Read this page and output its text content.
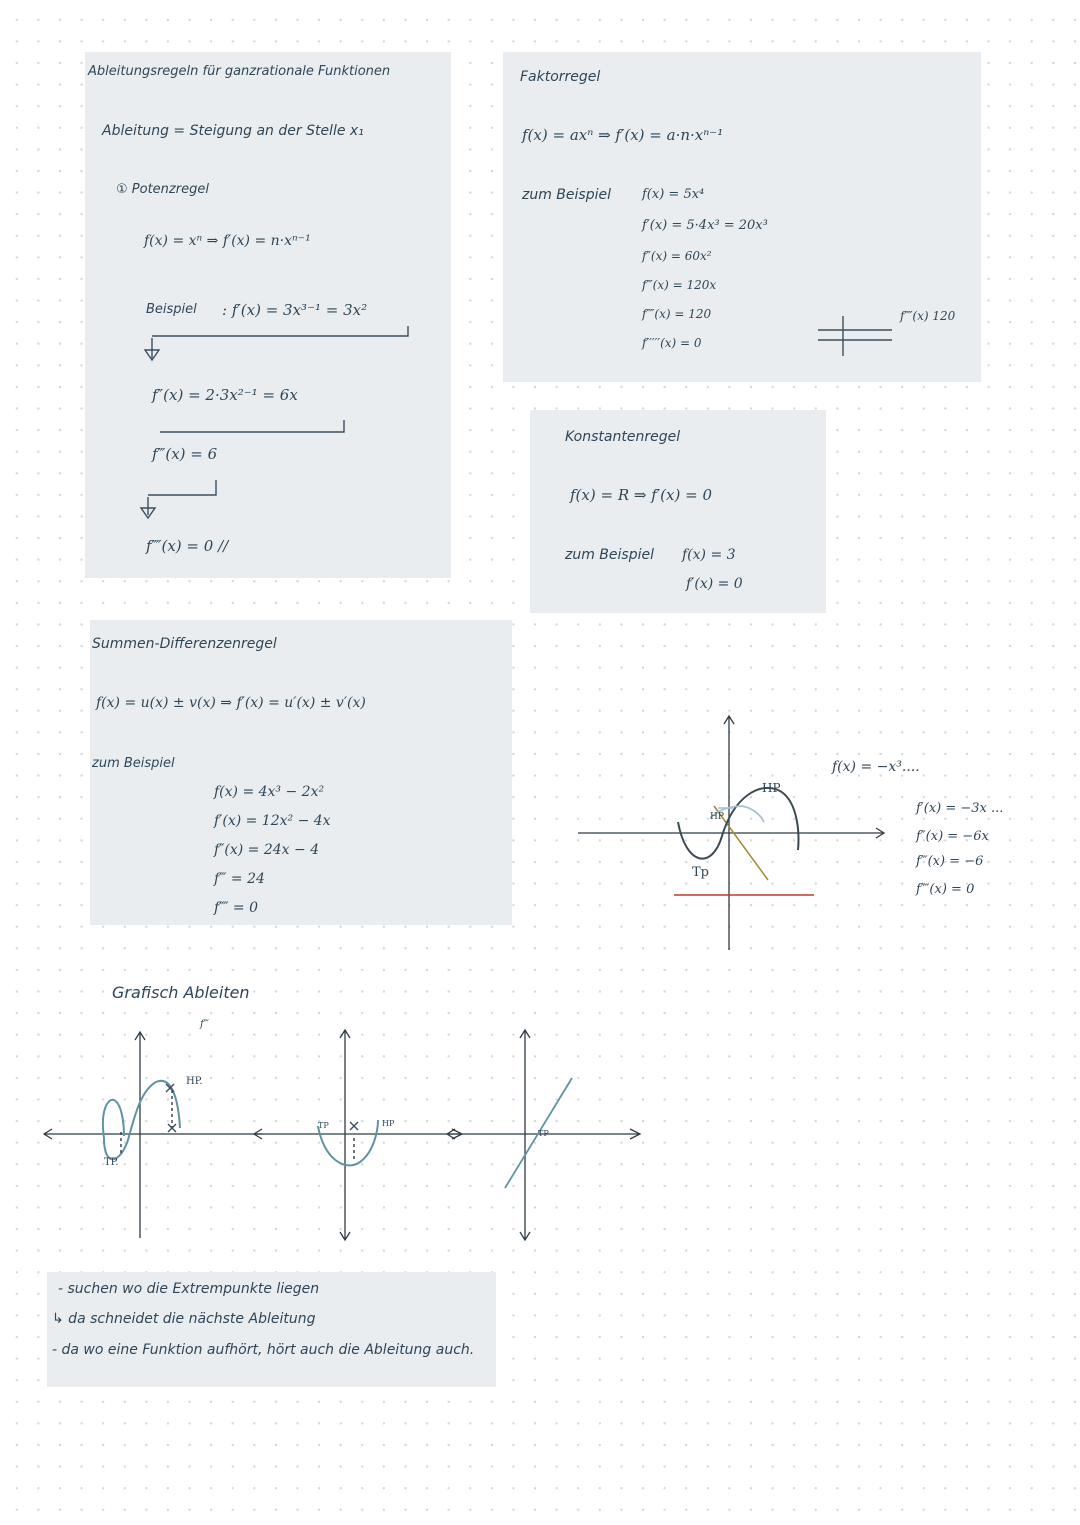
Ableitungsregeln für ganzrationale Funktionen
Ableitung = Steigung an der Stelle x₁
① Potenzregel
f(x) = xⁿ ⇒ f′(x) = n·xⁿ⁻¹
Beispiel : f′(x) = 3x³⁻¹ = 3x²
f″(x) = 2·3x²⁻¹ = 6x
f‴(x) = 6
f⁗(x) = 0 //
Faktorregel
f(x) = axⁿ ⇒ f′(x) = a·n·xⁿ⁻¹
zum Beispiel f(x) = 5x⁴
f′(x) = 5·4x³ = 20x³
f″(x) = 60x²
f‴(x) = 120x
f⁗(x) = 120
f′′′′′(x) = 0
f⁗(x) 120
Konstantenregel
f(x) = R ⇒ f′(x) = 0
zum Beispiel f(x) = 3
f′(x) = 0
Summen-Differenzenregel
f(x) = u(x) ± v(x) ⇒ f′(x) = u′(x) ± v′(x)
zum Beispiel
f(x) = 4x³ − 2x²
f′(x) = 12x² − 4x
f″(x) = 24x − 4
f‴ = 24
f⁗ = 0
HP
HP
Tp
f(x) = −x³....
f′(x) = −3x ...
f″(x) = −6x
f‴(x) = −6
f⁗(x) = 0
Grafisch Ableiten
f‴
HP.
TP.
TP	HP
TP
- suchen wo die Extrempunkte liegen
↳ da schneidet die nächste Ableitung
- da wo eine Funktion aufhört, hört auch die Ableitung auch.
